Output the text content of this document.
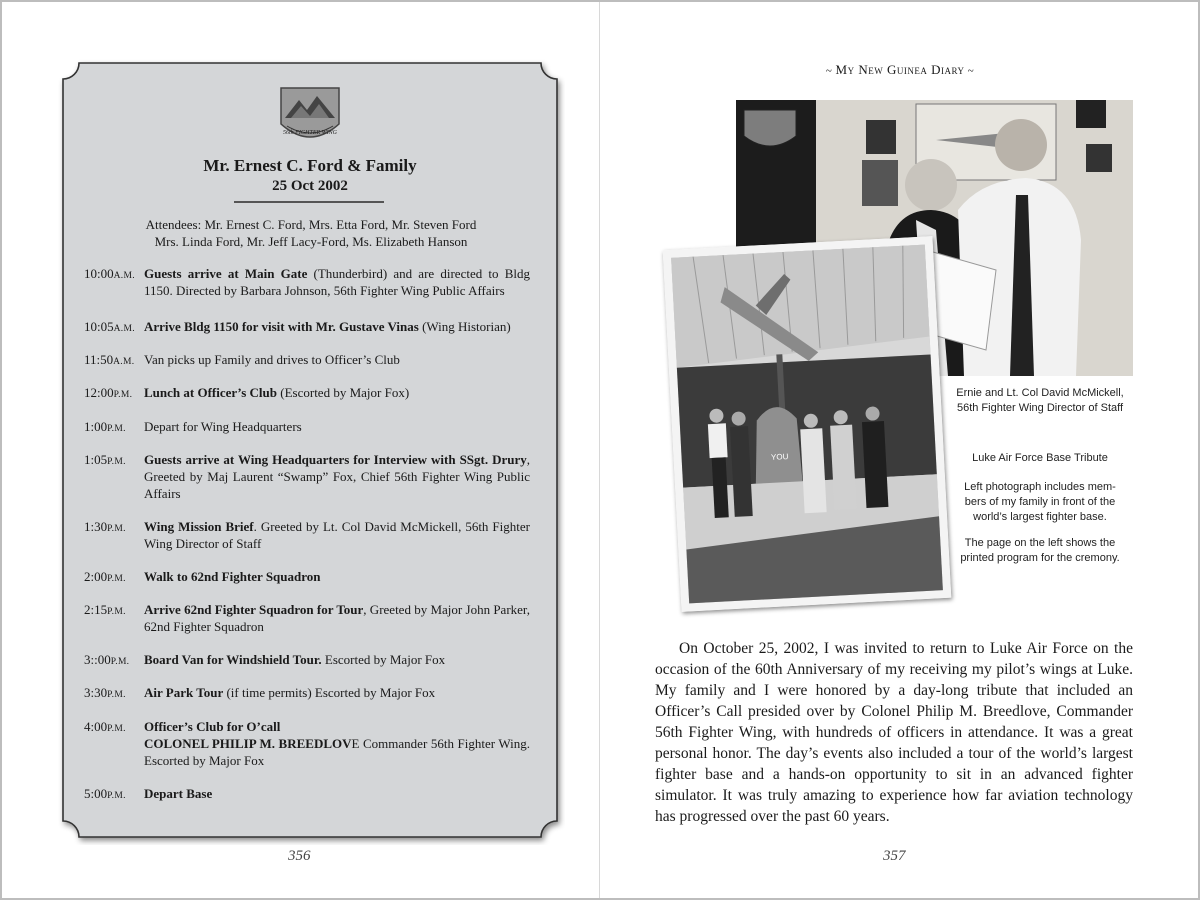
56th FIGHTER WING
Mr. Ernest C. Ford & Family
25 Oct 2002
Attendees: Mr. Ernest C. Ford, Mrs. Etta Ford, Mr. Steven Ford
Mrs. Linda Ford, Mr. Jeff Lacy-Ford, Ms. Elizabeth Hanson
10:00A.M. Guests arrive at Main Gate (Thunderbird) and are directed to Bldg 1150. Directed by Barbara Johnson, 56th Fighter Wing Public Affairs
10:05A.M. Arrive Bldg 1150 for visit with Mr. Gustave Vinas (Wing Historian)
11:50A.M. Van picks up Family and drives to Officer’s Club
12:00P.M. Lunch at Officer’s Club (Escorted by Major Fox)
1:00P.M.	Depart for Wing Headquarters
1:05P.M.	Guests arrive at Wing Headquarters for Interview with SSgt. Drury, Greeted by Maj Laurent “Swamp” Fox, Chief 56th Fighter Wing Public Affairs
1:30P.M.	Wing Mission Brief. Greeted by Lt. Col David McMickell, 56th Fighter Wing Director of Staff
2:00P.M.	Walk to 62nd Fighter Squadron
2:15P.M.	Arrive 62nd Fighter Squadron for Tour, Greeted by Major John Parker, 62nd Fighter Squadron
3::00P.M.	Board Van for Windshield Tour. Escorted by Major Fox
3:30P.M.	Air Park Tour (if time permits) Escorted by Major Fox
4:00P.M.	Officer’s Club for O’call
COLONEL PHILIP M. BREEDLOVE Commander 56th Fighter Wing. Escorted by Major Fox
5:00P.M.	Depart Base
356
~ My New Guinea Diary ~
Ernie and Lt. Col David McMickell,
56th Fighter Wing Director of Staff
Luke Air Force Base Tribute
Left photograph includes mem-
bers of my family in front of the
world’s largest fighter base.
The page on the left shows the
printed program for the cremony.
On October 25, 2002, I was invited to return to Luke Air Force on the occasion of the 60th Anniversary of my receiving my pilot’s wings at Luke. My family and I were honored by a day-long tribute that included an Officer’s Call presided over by Colonel Philip M. Breedlove, Commander 56th Fighter Wing, with hundreds of officers in attendance. It was a great personal honor. The day’s events also included a tour of the world’s largest fighter base and a hands-on opportunity to sit in an advanced fighter simulator. It was truly amazing to experience how far aviation technology has progressed over the past 60 years.
357
YOU
